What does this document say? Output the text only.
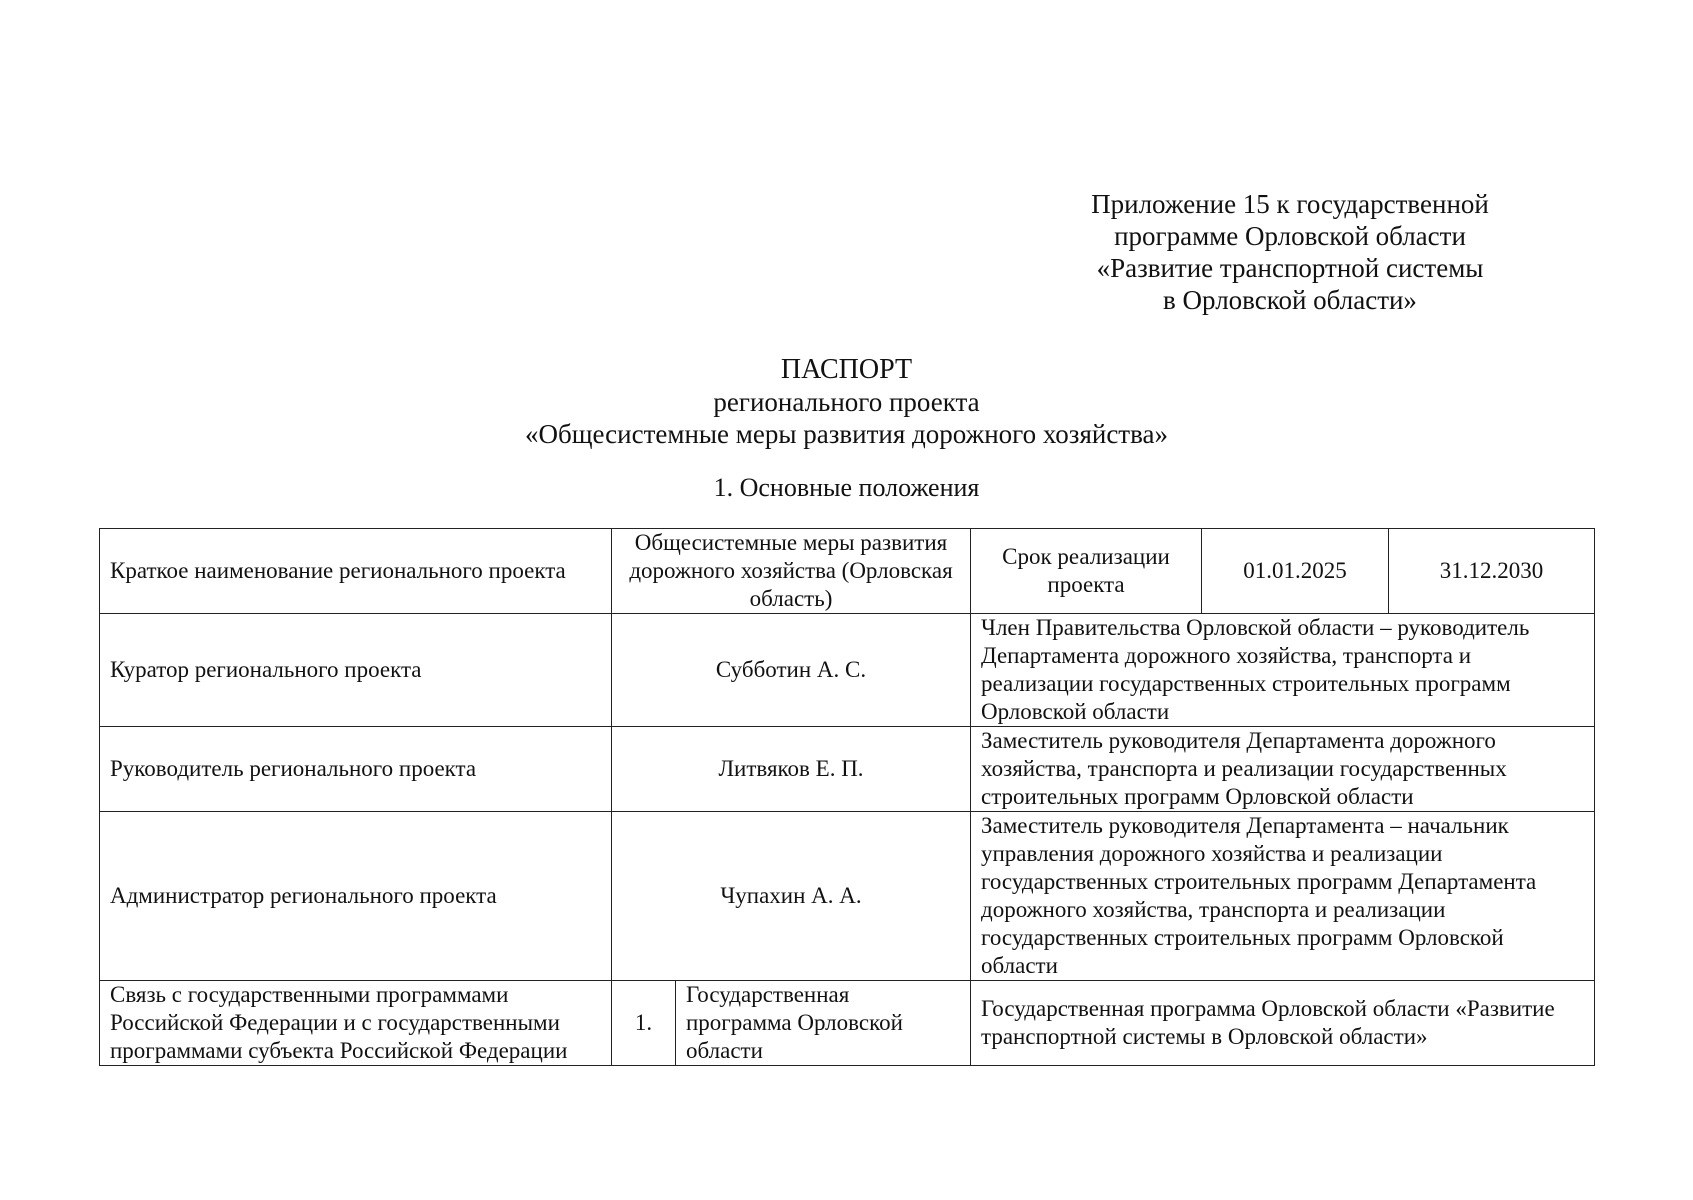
Приложение 15 к государственной
программе Орловской области
«Развитие транспортной системы
в Орловской области»
ПАСПОРТ
регионального проекта
«Общесистемные меры развития дорожного хозяйства»
1. Основные положения
Краткое наименование регионального проекта	Общесистемные меры развития дорожного хозяйства (Орловская область)		Срок реализации проекта	01.01.2025	31.12.2030
Куратор регионального проекта	Субботин А. С.		Член Правительства Орловской области – руководитель Департамента дорожного хозяйства, транспорта и реализации государственных строительных программ Орловской области		
Руководитель регионального проекта	Литвяков Е. П.		Заместитель руководителя Департамента дорожного хозяйства, транспорта и реализации государственных строительных программ Орловской области		
Администратор регионального проекта	Чупахин А. А.		Заместитель руководителя Департамента – начальник управления дорожного хозяйства и реализации государственных строительных программ Департамента дорожного хозяйства, транспорта и реализации государственных строительных программ Орловской области		
Связь с государственными программами Российской Федерации и с государственными программами субъекта Российской Федерации	1.	Государственная программа Орловской области	Государственная программа Орловской области «Развитие транспортной системы в Орловской области»		
